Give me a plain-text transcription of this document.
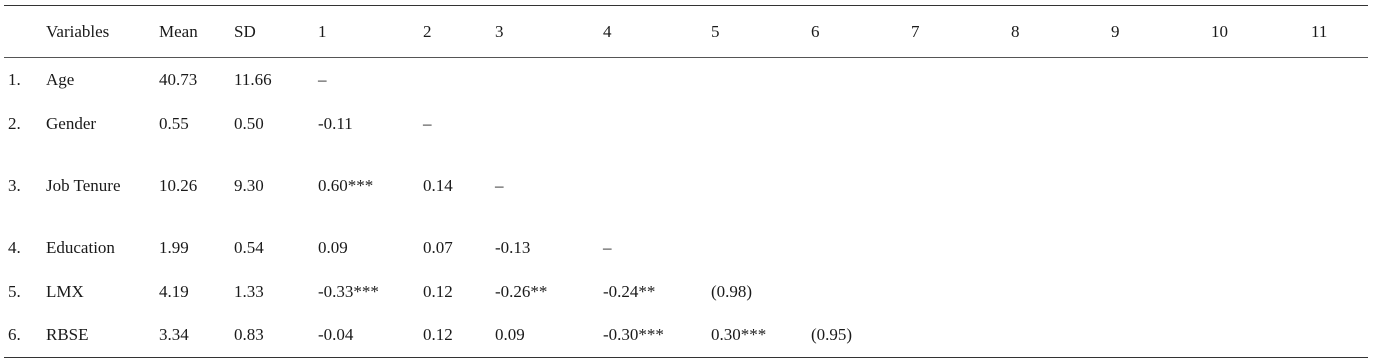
	Variables	Mean	SD	1	2	3	4	5	6	7	8	9	10	11
1.	Age	40.73	11.66	–										
2.	Gender	0.55	0.50	-0.11	–									
3.	Job Tenure	10.26	9.30	0.60***	0.14	–								
4.	Education	1.99	0.54	0.09	0.07	-0.13	–							
5.	LMX	4.19	1.33	-0.33***	0.12	-0.26**	-0.24**	(0.98)						
6.	RBSE	3.34	0.83	-0.04	0.12	0.09	-0.30***	0.30***	(0.95)					
